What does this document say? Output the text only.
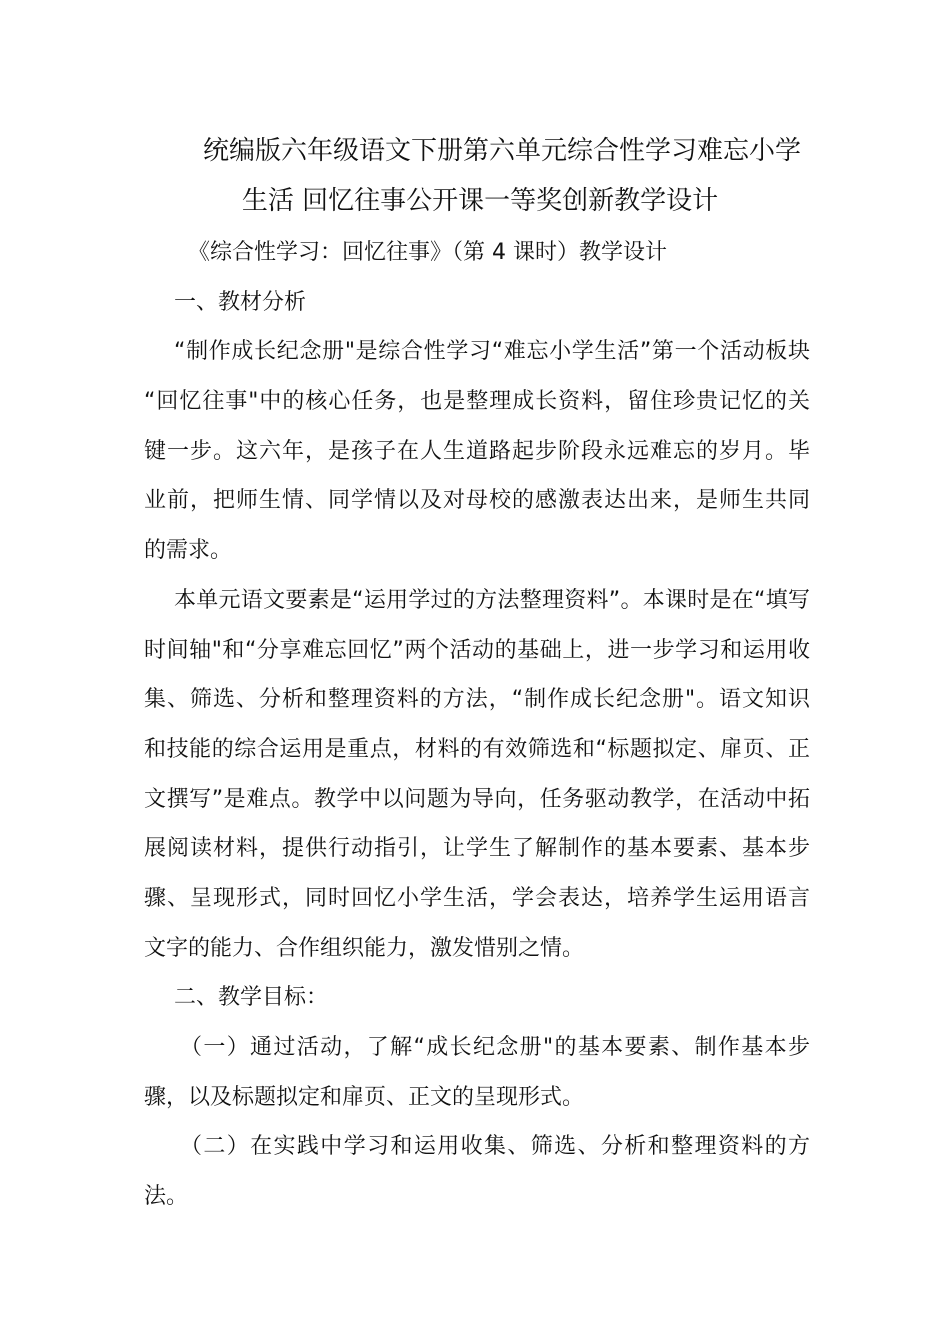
统编版六年级语文下册第六单元综合性学习难忘小学
生活 回忆往事公开课一等奖创新教学设计
《综合性学习：回忆往事》（第 4 课时）教学设计
一、教材分析
“制作成长纪念册"是综合性学习“难忘小学生活”第一个活动板块
“回忆往事"中的核心任务，也是整理成长资料，留住珍贵记忆的关
键一步。这六年，是孩子在人生道路起步阶段永远难忘的岁月。毕
业前，把师生情、同学情以及对母校的感激表达出来，是师生共同
的需求。
本单元语文要素是“运用学过的方法整理资料”。本课时是在“填写
时间轴"和“分享难忘回忆”两个活动的基础上，进一步学习和运用收
集、筛选、分析和整理资料的方法，“制作成长纪念册"。语文知识
和技能的综合运用是重点，材料的有效筛选和“标题拟定、扉页、正
文撰写”是难点。教学中以问题为导向，任务驱动教学，在活动中拓
展阅读材料，提供行动指引，让学生了解制作的基本要素、基本步
骤、呈现形式，同时回忆小学生活，学会表达，培养学生运用语言
文字的能力、合作组织能力，激发惜别之情。
二、教学目标：
（一）通过活动，了解“成长纪念册"的基本要素、制作基本步
骤，以及标题拟定和扉页、正文的呈现形式。
（二）在实践中学习和运用收集、筛选、分析和整理资料的方
法。
